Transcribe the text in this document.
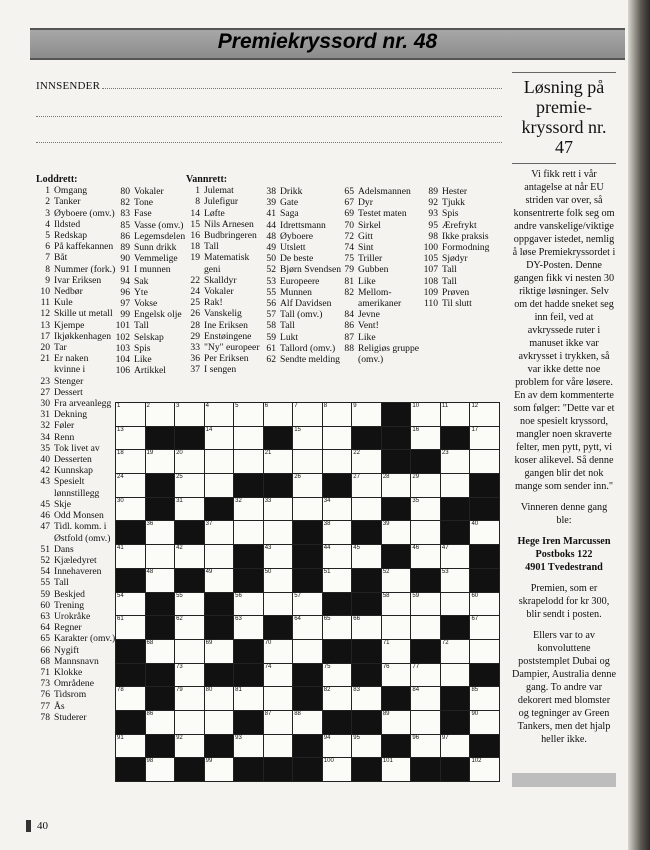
Premiekryssord nr. 48
INNSENDER
Loddrett:
1 Omgang
2 Tanker
3 Øyboere (omv.)
4 Ildsted
5 Redskap
6 På kaffekannen
7 Båt
8 Nummer (fork.)
9 Ivar Eriksen
10 Nedbør
11 Kule
12 Skille ut metall
13 Kjempe
17 Ikjøkkenhagen
20 Tar
21 Er naken kvinne i
23 Stenger
27 Dessert
30 Fra arveanlegg
31 Dekning
32 Føler
34 Renn
35 Tok livet av
40 Desserten
42 Kunnskap
43 Spesielt lønnstillegg
45 Skje
46 Odd Monsen
47 Tidl. komm. i Østfold (omv.)
51 Dans
52 Kjæledyret
54 Innehaveren
55 Tall
59 Beskjed
60 Trening
63 Urokråke
64 Regner
65 Karakter (omv.)
66 Nygift
68 Mannsnavn
71 Klokke
73 Områdene
76 Tidsrom
77 Ås
78 Studerer
80 Vokaler
82 Tone
83 Fase
85 Vasse (omv.)
86 Legemsdelen
89 Sunn drikk
90 Vemmelige
91 I munnen
94 Sak
96 Yte
97 Vokse
99 Engelsk olje
101 Tall
102 Selskap
103 Spis
104 Like
106 Artikkel
Vannrett:
1 Julemat
8 Julefigur
14 Løfte
15 Nils Arnesen
16 Budbringeren
18 Tall
19 Matematisk geni
22 Skalldyr
24 Vokaler
25 Rak!
26 Vanskelig
28 Ine Eriksen
29 Enstøingene
33 "Ny" europeer
36 Per Eriksen
37 I sengen
38 Drikk
39 Gate
41 Saga
44 Idrettsmann
48 Øyboere
49 Utslett
50 De beste
52 Bjørn Svendsen
53 Europeere
55 Munnen
56 Alf Davidsen
57 Tall (omv.)
58 Tall
59 Lukt
61 Tallord (omv.)
62 Sendte melding
65 Adelsmannen
67 Dyr
69 Testet maten
70 Sirkel
72 Gitt
74 Sint
75 Triller
79 Gubben
81 Like
82 Mellom-amerikaner
84 Jevne
86 Vent!
87 Like
88 Religiøs gruppe (omv.)
89 Hester
92 Tjukk
93 Spis
95 Ærefrykt
98 Ikke praksis
100 Formodning
105 Sjødyr
107 Tall
108 Tall
109 Prøven
110 Til slutt
1	2	3	4	5	6	7	8	9	10	11	12
13	14	15	16	17
18	19	20	21	22	23
24	25	26	27	28	29
30	31	32	33	34	35
36	37	38	39	40
41	42	43	44	45	46	47
48	49	50	51	52	53
54	55	56	57	58	59	60
61	62	63	64	65	66	67
68	69	70	71	72
73	74	75	76	77
78	79	80	81	82	83	84	85
86	87	88	89	90
91	92	93	94	95	96	97
98	99	100	101	102
Løsning på premie-kryssord nr. 47

Vi fikk rett i vår antagelse at når EU striden var over, så konsentrerte folk seg om andre vanskelige/viktige oppgaver istedet, nemlig å løse Premiekryssordet i DY-Posten. Denne gangen fikk vi nesten 30 riktige løsninger. Selv om det hadde sneket seg inn feil, ved at avkryssede ruter i manuset ikke var avkrysset i trykken, så var ikke dette noe problem for våre løsere. En av dem kommenterte som følger: "Dette var et noe spesielt kryssord, mangler noen skraverte felter, men pytt, pytt, vi koser alikevel. Så denne gangen blir det nok mange som sender inn."

Vinneren denne gang ble:

Hege Iren Marcussen
Postboks 122
4901 Tvedestrand

Premien, som er skrapelodd for kr 300, blir sendt i posten.

Ellers var to av konvoluttene poststemplet Dubai og Dampier, Australia denne gang. To andre var dekorert med blomster og tegninger av Green Tankers, men det hjalp heller ikke.

40
